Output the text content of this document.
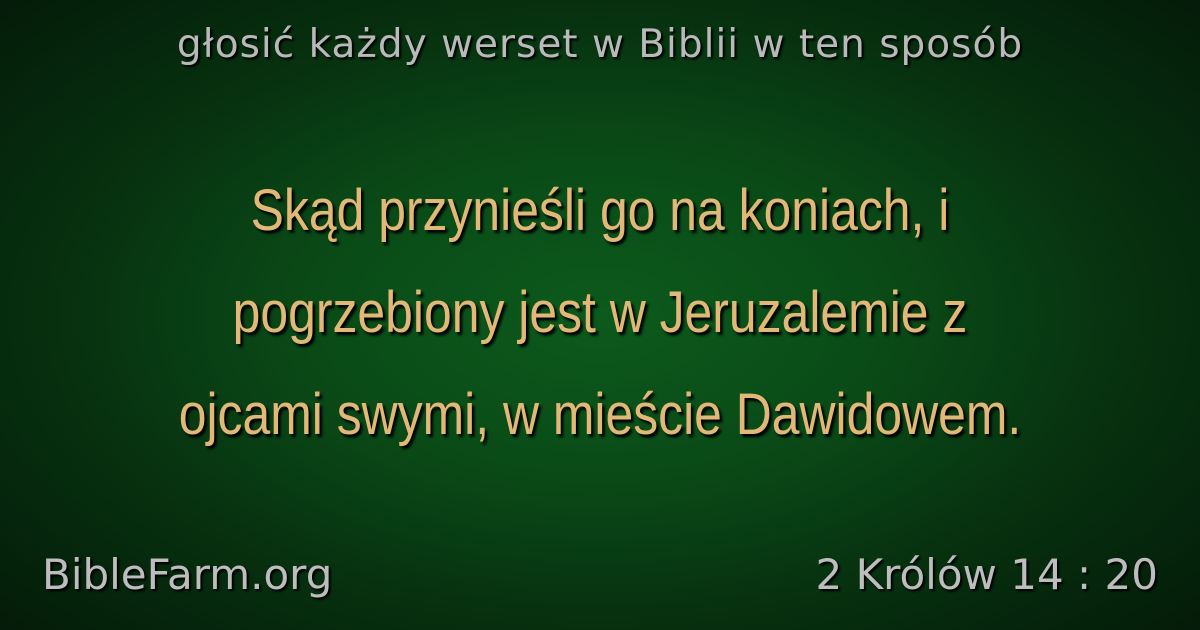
głosić każdy werset w Biblii w ten sposób
Skąd przynieśli go na koniach, i
pogrzebiony jest w Jeruzalemie z
ojcami swymi, w mieście Dawidowem.
BibleFarm.org	2 Królów 14 : 20
